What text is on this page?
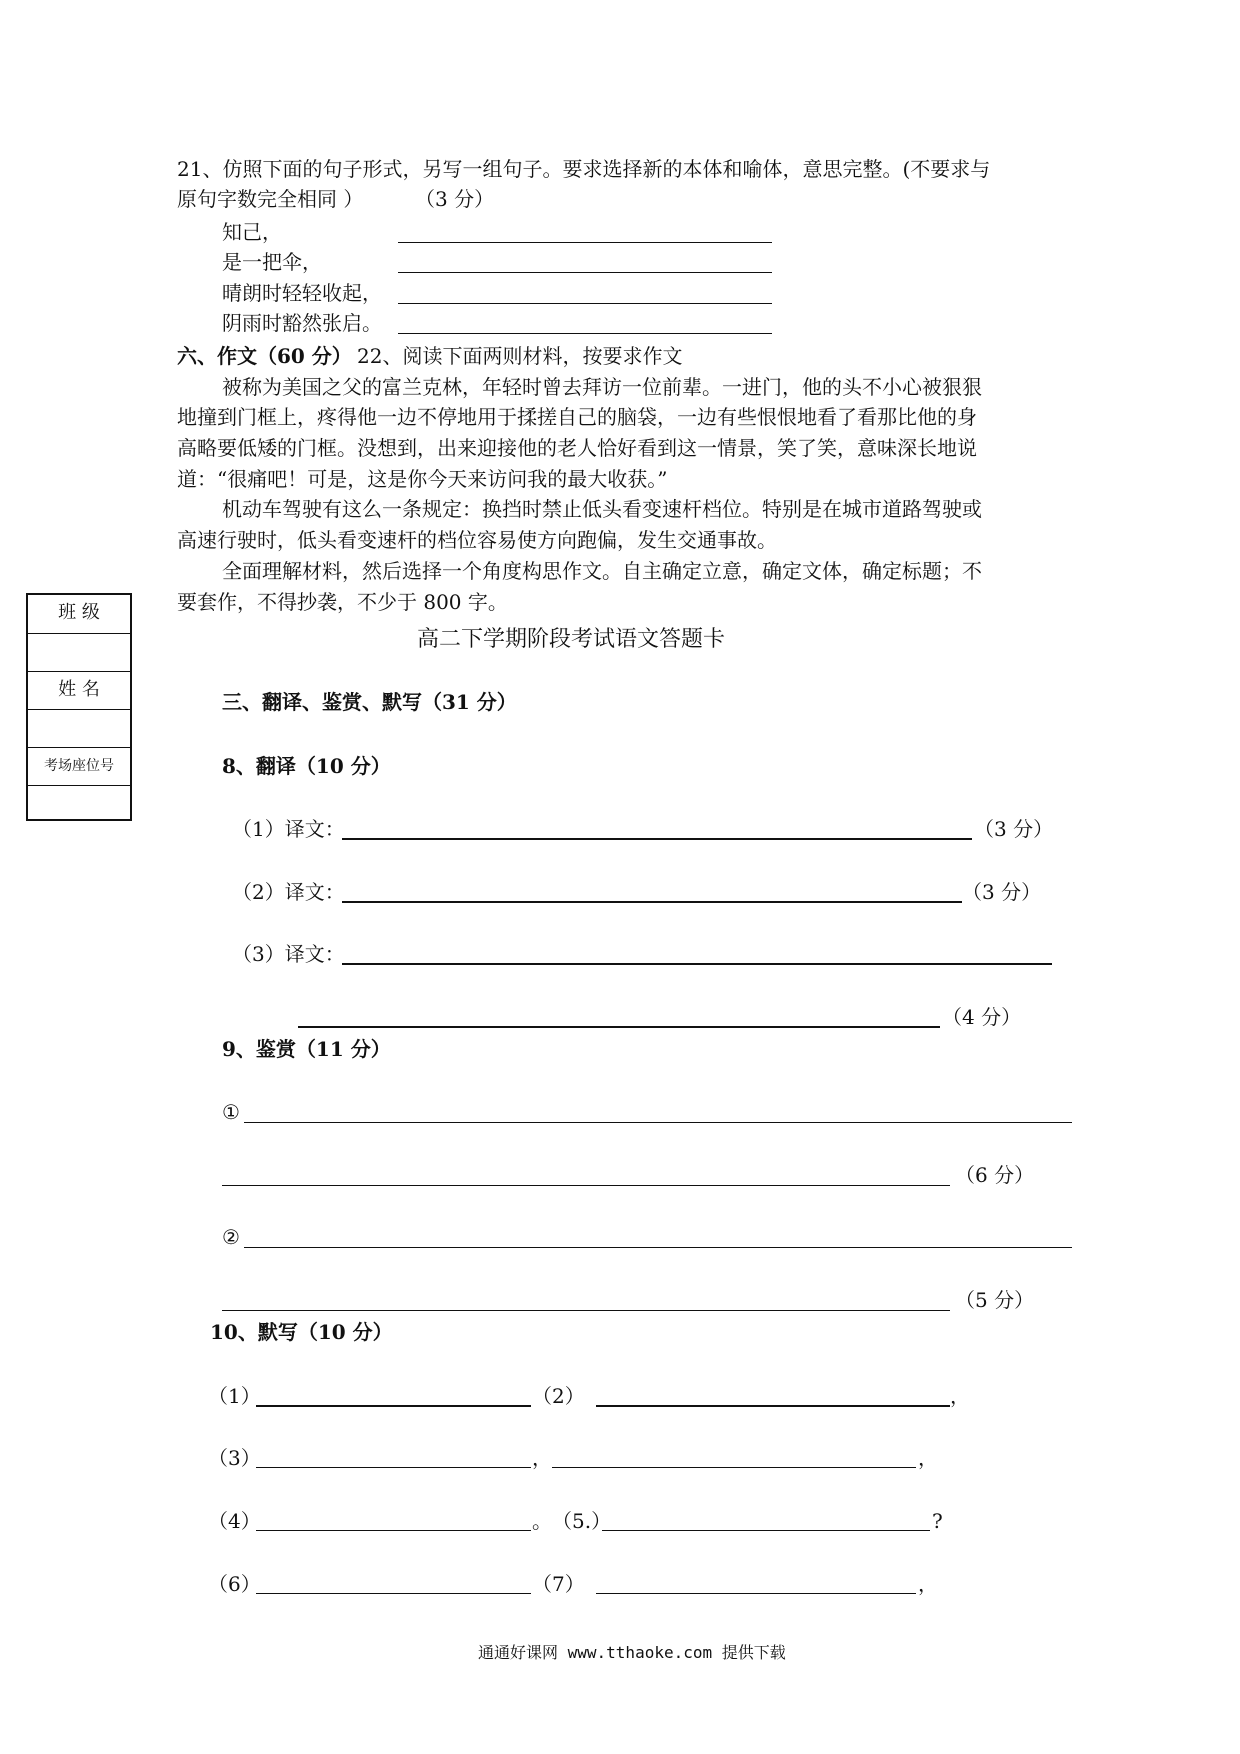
21、仿照下面的句子形式，另写一组句子。要求选择新的本体和喻体，意思完整。(不要求与
原句字数完全相同 ）	（3 分）
知己，
是一把伞，
晴朗时轻轻收起，
阴雨时豁然张启。
六、作文（60 分） 22、阅读下面两则材料，按要求作文
被称为美国之父的富兰克林，年轻时曾去拜访一位前辈。一进门，他的头不小心被狠狠
地撞到门框上，疼得他一边不停地用于揉搓自己的脑袋，一边有些恨恨地看了看那比他的身
高略要低矮的门框。没想到，出来迎接他的老人恰好看到这一情景，笑了笑，意味深长地说
道：“很痛吧！可是，这是你今天来访问我的最大收获。”
机动车驾驶有这么一条规定：换挡时禁止低头看变速杆档位。特别是在城市道路驾驶或
高速行驶时，低头看变速杆的档位容易使方向跑偏，发生交通事故。
全面理解材料，然后选择一个角度构思作文。自主确定立意，确定文体，确定标题；不
要套作，不得抄袭，不少于 800 字。
班 级
姓 名
考场座位号
高二下学期阶段考试语文答题卡
三、翻译、鉴赏、默写（31 分）
8、翻译（10 分）
（1）译文：	（3 分）
（2）译文：	（3 分）
（3）译文：
（4 分）
9、鉴赏（11 分）
①
（6 分）
②
（5 分）
10、默写（10 分）
（1）	（2）	，
（3）	，	，
（4）	。 （5.）	?
（6）	（7）	，
通通好课网 www.tthaoke.com 提供下载
